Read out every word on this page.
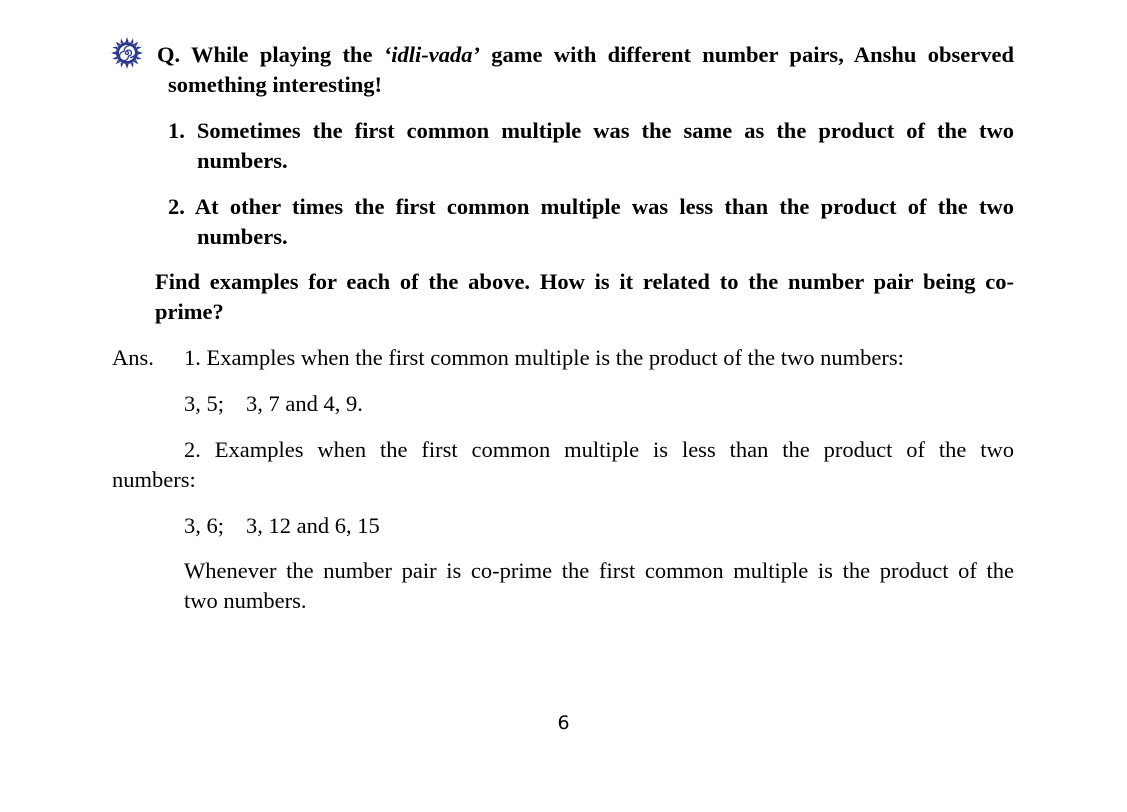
Q. While playing the ‘idli-vada’ game with different number pairs, Anshu observed
something interesting!
1. Sometimes the first common multiple was the same as the product of the two
numbers.
2. At other times the first common multiple was less than the product of the two
numbers.
Find examples for each of the above. How is it related to the number pair being co-
prime?
Ans. 1. Examples when the first common multiple is the product of the two numbers:
3, 5; 3, 7 and 4, 9.
2. Examples when the first common multiple is less than the product of the two
numbers:
3, 6; 3, 12 and 6, 15
Whenever the number pair is co-prime the first common multiple is the product of the
two numbers.
6
